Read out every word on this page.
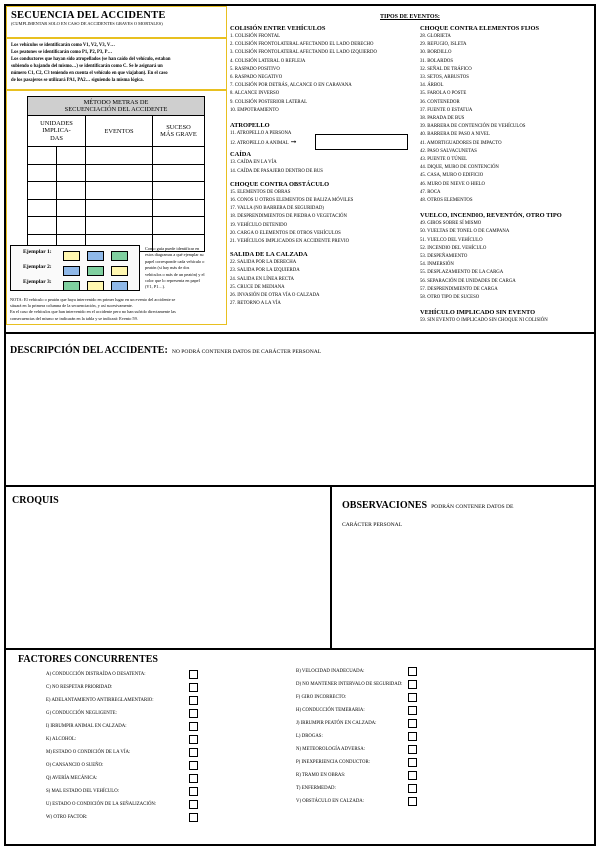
SECUENCIA DEL ACCIDENTE
(CUMPLIMENTAR SOLO EN CASO DE ACCIDENTES GRAVES O MORTALES)
Los vehículos se identificarán como V1, V2, V3, V…
Los peatones se identificarán como P1, P2, P3, P…
Los conductores que hayan sido atropellados (se han caído del vehículo, estaban
subiendo o bajando del mismo…) se identificarán como C. Se le asignará un
número C1, C2, C3 teniendo en cuenta el vehículo en que viajaban). En el caso
de los pasajeros se utilizará PA1, PA2… siguiendo la misma lógica.
MÉTODO METRAS DE
SECUENCIACIÓN DEL ACCIDENTE			
UNIDADES
IMPLICA-
DAS		EVENTOS	SUCESO
MÁS GRAVE

Ejemplar 1:
Ejemplar 2:
Ejemplar 3:

Como guía puede identificar en
estos diagramas a qué ejemplar su
papel corresponde cada vehículo o
peatón (si hay más de dos
vehículos o más de un peatón) y el
color que lo representa en papel
(V1, P1…).
NOTA: El vehículo o peatón que haya intervenido en primer lugar en un evento del accidente se
situará en la primera columna de la secuenciación, y así sucesivamente.
En el caso de vehículos que han intervenido en el accidente pero no han sufrido directamente las
consecuencias del mismo se indicarán en la tabla y se indicará: Evento 59.
TIPOS DE EVENTOS:
COLISIÓN ENTRE VEHÍCULOS
1. COLISIÓN FRONTAL
2. COLISIÓN FRONTOLATERAL AFECTANDO EL LADO DERECHO
3. COLISIÓN FRONTOLATERAL AFECTANDO EL LADO IZQUIERDO
4. COLISIÓN LATERAL O REFLEJA
5. RASPADO POSITIVO
6. RASPADO NEGATIVO
7. COLISIÓN POR DETRÁS, ALCANCE O EN CARAVANA
8. ALCANCE INVERSO
9. COLISIÓN POSTERIOR LATERAL
10. EMPOTRAMIENTO
ATROPELLO
11. ATROPELLO A PERSONA
12. ATROPELLO A ANIMAL ➞
CAÍDA
13. CAÍDA EN LA VÍA
14. CAÍDA DE PASAJERO DENTRO DE BUS
CHOQUE CONTRA OBSTÁCULO
15. ELEMENTOS DE OBRAS
16. CONOS U OTROS ELEMENTOS DE BALIZA MÓVILES
17. VALLA (NO BARRERA DE SEGURIDAD)
18. DESPRENDIMIENTOS DE PIEDRA O VEGETACIÓN
19. VEHÍCULO DETENIDO
20. CARGA O ELEMENTOS DE OTROS VEHÍCULOS
21. VEHÍCULOS IMPLICADOS EN ACCIDENTE PREVIO
SALIDA DE LA CALZADA
22. SALIDA POR LA DERECHA
23. SALIDA POR LA IZQUIERDA
24. SALIDA EN LÍNEA RECTA
25. CRUCE DE MEDIANA
26. INVASIÓN DE OTRA VÍA O CALZADA
27. RETORNO A LA VÍA
CHOQUE CONTRA ELEMENTOS FIJOS
28. GLORIETA
29. REFUGIO, ISLETA
30. BORDILLO
31. BOLARDOS
32. SEÑAL DE TRÁFICO
33. SETOS, ARBUSTOS
34. ÁRBOL
35. FAROLA O POSTE
36. CONTENEDOR
37. FUENTE O ESTATUA
38. PARADA DE BUS
39. BARRERA DE CONTENCIÓN DE VEHÍCULOS
40. BARRERA DE PASO A NIVEL
41. AMORTIGUADORES DE IMPACTO
42. PASO SALVACUNETAS
43. PUENTE O TÚNEL
44. DIQUE, MURO DE CONTENCIÓN
45. CASA, MURO O EDIFICIO
46. MURO DE NIEVE O HIELO
47. ROCA
48. OTROS ELEMENTOS
VUELCO, INCENDIO, REVENTÓN, OTRO TIPO
49. GIROS SOBRE SÍ MISMO
50. VUELTAS DE TONEL O DE CAMPANA
51. VUELCO DEL VEHÍCULO
52. INCENDIO DEL VEHÍCULO
53. DESPEÑAMIENTO
54. INMERSIÓN
55. DESPLAZAMIENTO DE LA CARGA
56. SEPARACIÓN DE UNIDADES DE CARGA
57. DESPRENDIMIENTO DE CARGA
58. OTRO TIPO DE SUCESO
VEHÍCULO IMPLICADO SIN EVENTO
59. SIN EVENTO O IMPLICADO SIN CHOQUE NI COLISIÓN
DESCRIPCIÓN DEL ACCIDENTE: NO PODRÁ CONTENER DATOS DE CARÁCTER PERSONAL
CROQUIS	OBSERVACIONES PODRÁN CONTENER DATOS DE
CARÁCTER PERSONAL
FACTORES CONCURRENTES
A) CONDUCCIÓN DISTRAÍDA O DESATENTA:
C) NO RESPETAR PRIORIDAD:
E) ADELANTAMIENTO ANTIRREGLAMENTARIO:
G) CONDUCCIÓN NEGLIGENTE:
I) IRRUMPIR ANIMAL EN CALZADA:
K) ALCOHOL:
M) ESTADO O CONDICIÓN DE LA VÍA:
O) CANSANCIO O SUEÑO:
Q) AVERÍA MECÁNICA:
S) MAL ESTADO DEL VEHÍCULO:
U) ESTADO O CONDICIÓN DE LA SEÑALIZACIÓN:
W) OTRO FACTOR:
B) VELOCIDAD INADECUADA:
D) NO MANTENER INTERVALO DE SEGURIDAD:
F) GIRO INCORRECTO:
H) CONDUCCIÓN TEMERARIA:
J) IRRUMPIR PEATÓN EN CALZADA:
L) DROGAS:
N) METEOROLOGÍA ADVERSA:
P) INEXPERIENCIA CONDUCTOR:
R) TRAMO EN OBRAS:
T) ENFERMEDAD:
V) OBSTÁCULO EN CALZADA:
